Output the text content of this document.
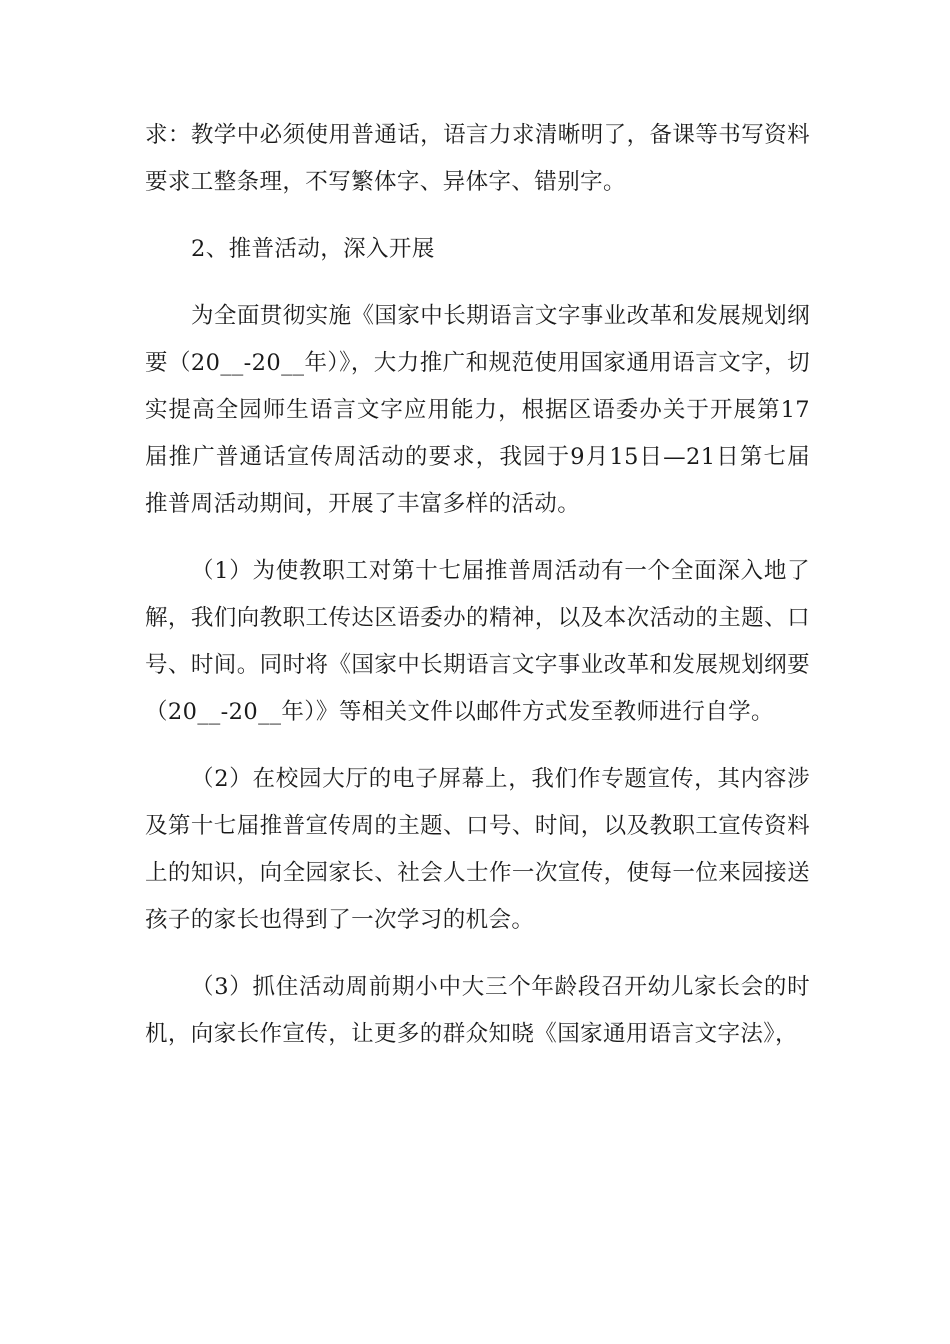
求：教学中必须使用普通话，语言力求清晰明了，备课等书写资料要求工整条理，不写繁体字、异体字、错别字。

2、推普活动，深入开展

为全面贯彻实施《国家中长期语言文字事业改革和发展规划纲要（20__-20__年）》，大力推广和规范使用国家通用语言文字，切实提高全园师生语言文字应用能力，根据区语委办关于开展第17届推广普通话宣传周活动的要求，我园于9月15日—21日第七届推普周活动期间，开展了丰富多样的活动。

（1）为使教职工对第十七届推普周活动有一个全面深入地了解，我们向教职工传达区语委办的精神，以及本次活动的主题、口号、时间。同时将《国家中长期语言文字事业改革和发展规划纲要（20__-20__年）》等相关文件以邮件方式发至教师进行自学。

（2）在校园大厅的电子屏幕上，我们作专题宣传，其内容涉及第十七届推普宣传周的主题、口号、时间，以及教职工宣传资料上的知识，向全园家长、社会人士作一次宣传，使每一位来园接送孩子的家长也得到了一次学习的机会。

（3）抓住活动周前期小中大三个年龄段召开幼儿家长会的时机，向家长作宣传，让更多的群众知晓《国家通用语言文字法》，
